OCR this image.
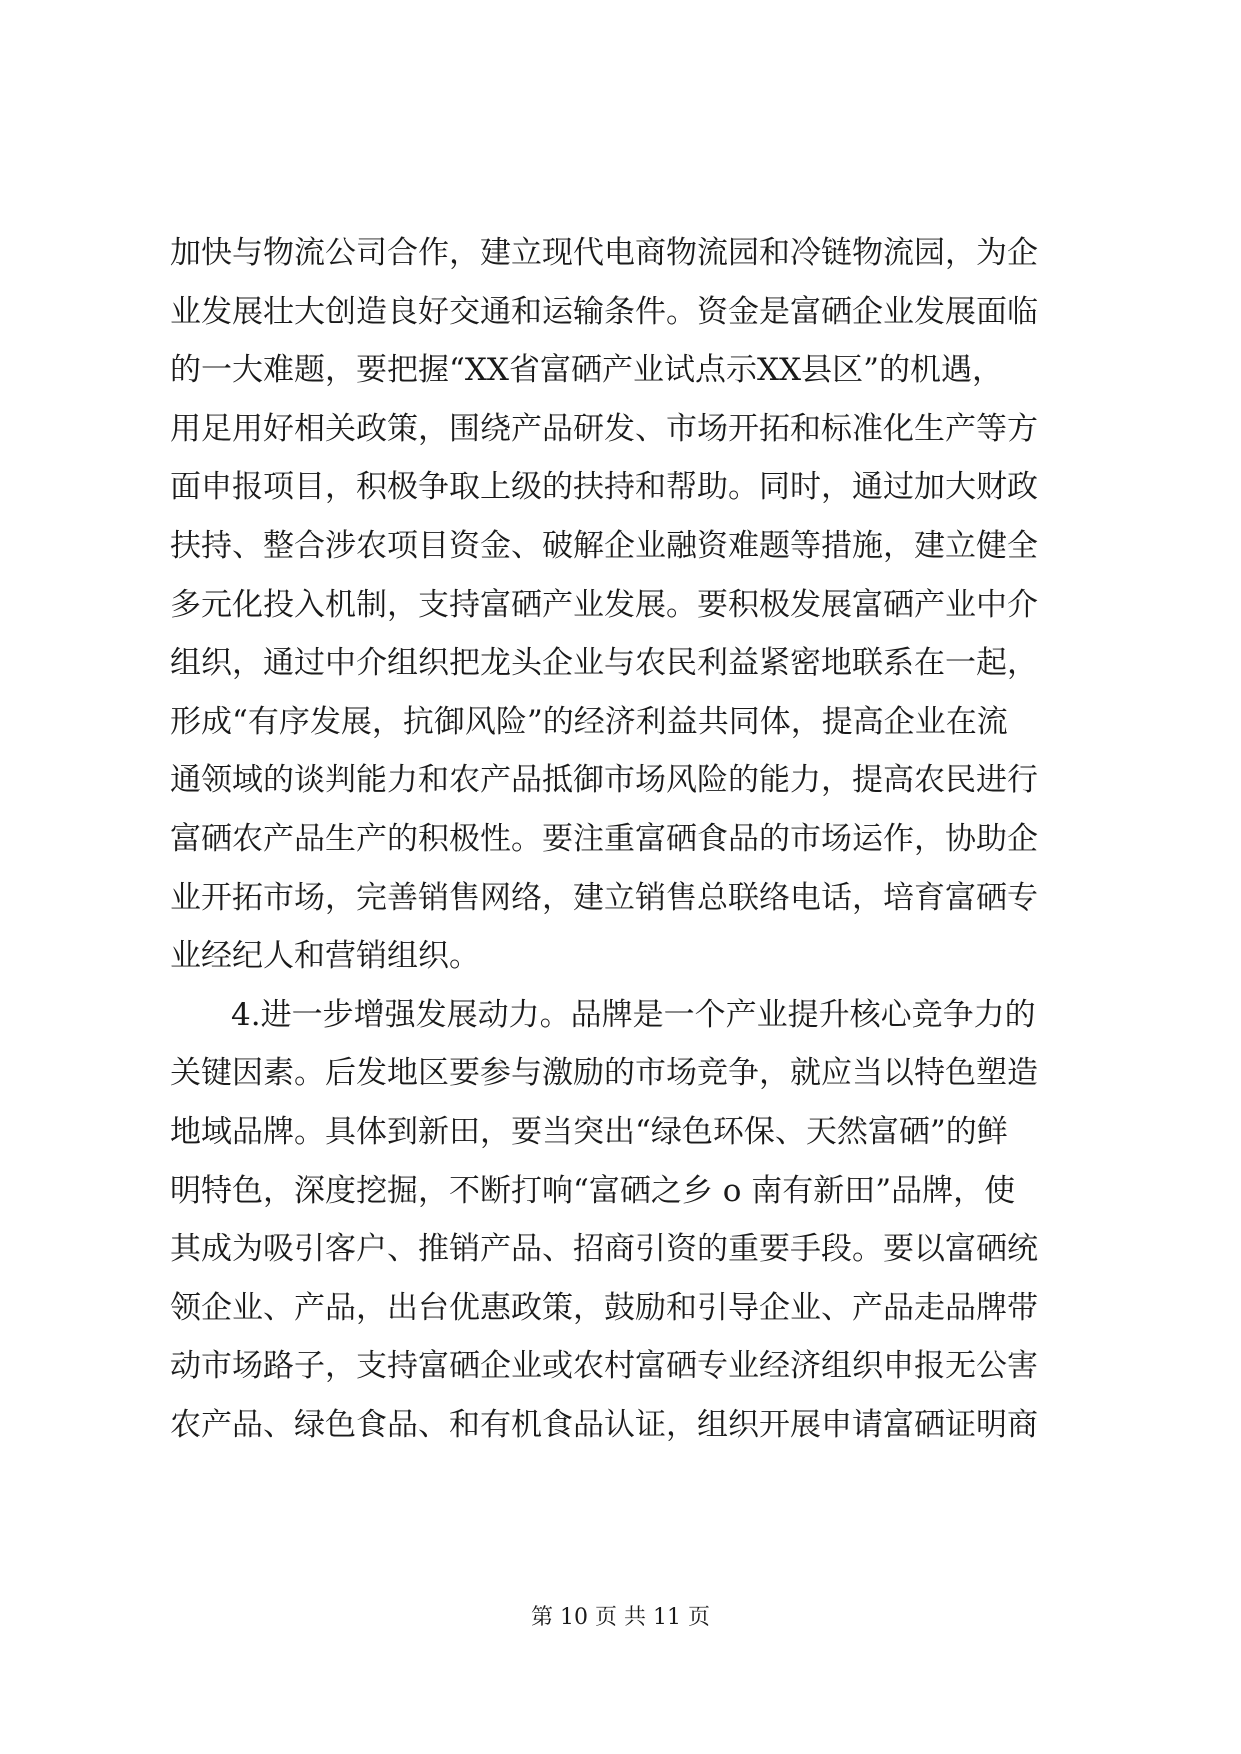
加快与物流公司合作，建立现代电商物流园和冷链物流园，为企
业发展壮大创造良好交通和运输条件。资金是富硒企业发展面临
的一大难题，要把握“XX省富硒产业试点示XX县区”的机遇，
用足用好相关政策，围绕产品研发、市场开拓和标准化生产等方
面申报项目，积极争取上级的扶持和帮助。同时，通过加大财政
扶持、整合涉农项目资金、破解企业融资难题等措施，建立健全
多元化投入机制，支持富硒产业发展。要积极发展富硒产业中介
组织，通过中介组织把龙头企业与农民利益紧密地联系在一起，
形成“有序发展，抗御风险”的经济利益共同体，提高企业在流
通领域的谈判能力和农产品抵御市场风险的能力，提高农民进行
富硒农产品生产的积极性。要注重富硒食品的市场运作，协助企
业开拓市场，完善销售网络，建立销售总联络电话，培育富硒专
业经纪人和营销组织。
4.进一步增强发展动力。品牌是一个产业提升核心竞争力的
关键因素。后发地区要参与激励的市场竞争，就应当以特色塑造
地域品牌。具体到新田，要当突出“绿色环保、天然富硒”的鲜
明特色，深度挖掘，不断打响“富硒之乡 o 南有新田”品牌，使
其成为吸引客户、推销产品、招商引资的重要手段。要以富硒统
领企业、产品，出台优惠政策，鼓励和引导企业、产品走品牌带
动市场路子，支持富硒企业或农村富硒专业经济组织申报无公害
农产品、绿色食品、和有机食品认证，组织开展申请富硒证明商
第 10 页 共 11 页
